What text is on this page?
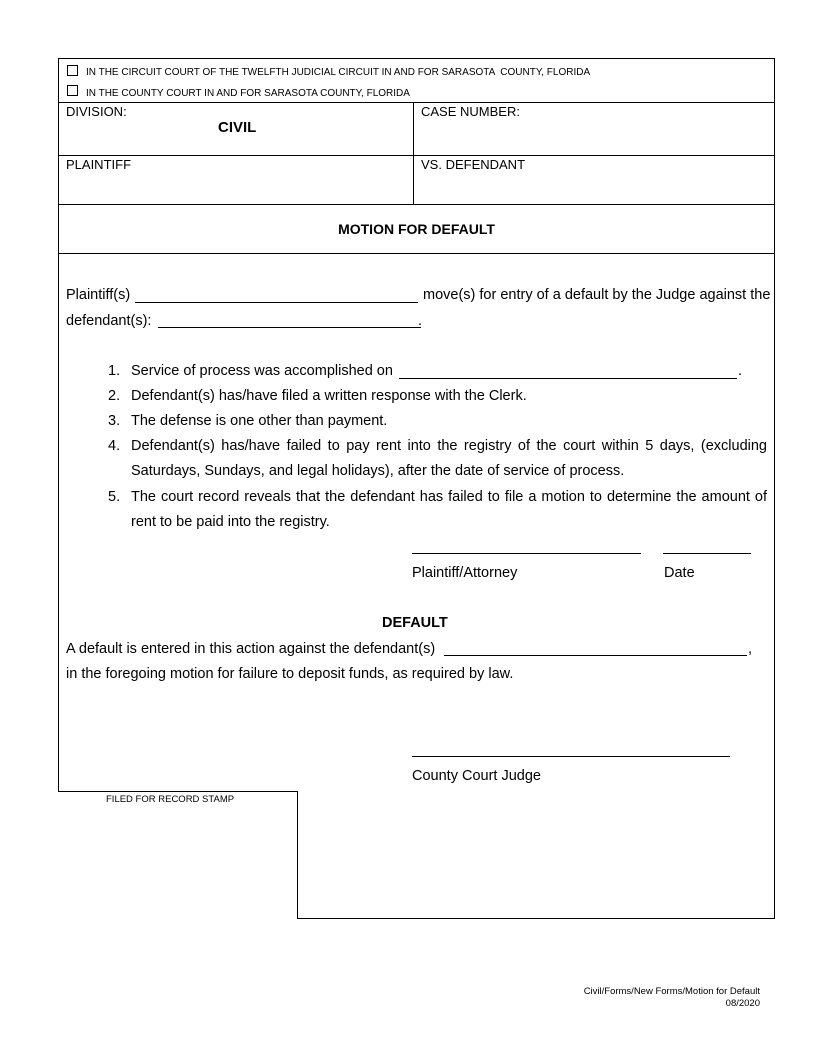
IN THE CIRCUIT COURT OF THE TWELFTH JUDICIAL CIRCUIT IN AND FOR SARASOTA  COUNTY, FLORIDA
IN THE COUNTY COURT IN AND FOR SARASOTA COUNTY, FLORIDA
DIVISION:
CIVIL
CASE NUMBER:
PLAINTIFF	VS. DEFENDANT
MOTION FOR DEFAULT
Plaintiff(s)	move(s) for entry of a default by the Judge against the
defendant(s):	.
1. Service of process was accomplished on	.
2. Defendant(s) has/have filed a written response with the Clerk.
3. The defense is one other than payment.
4. Defendant(s) has/have failed to pay rent into the registry of the court within 5 days, (excluding
Saturdays, Sundays, and legal holidays), after the date of service of process.
5. The court record reveals that the defendant has failed to file a motion to determine the amount of
rent to be paid into the registry.
Plaintiff/Attorney	Date
DEFAULT
A default is entered in this action against the defendant(s)	,
in the foregoing motion for failure to deposit funds, as required by law.
County Court Judge
FILED FOR RECORD STAMP
Civil/Forms/New Forms/Motion for Default
08/2020
